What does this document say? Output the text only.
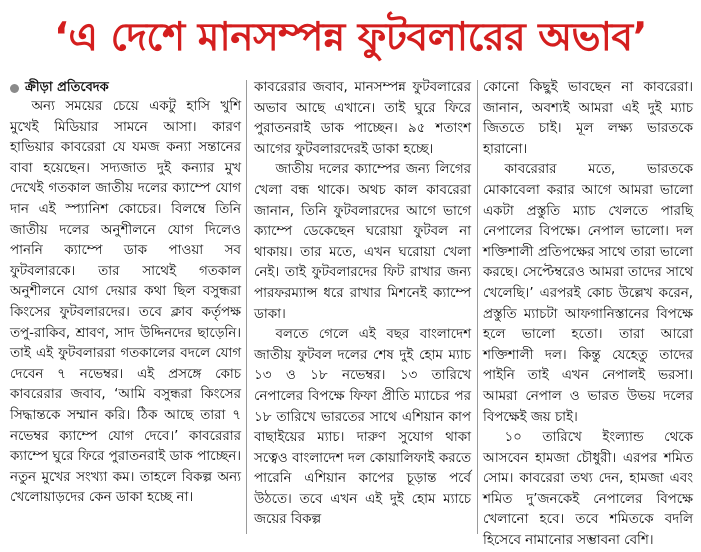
‘এ দেশে মানসম্পন্ন ফুটবলারের অভাব’
ক্রীড়া প্রতিবেদক

অন্য সময়ের চেয়ে একটু হাসি খুশি মুখেই মিডিয়ার সামনে আসা। কারণ হাভিয়ার কাবরেরা যে যমজ কন্যা সন্তানের বাবা হয়েছেন। সদ্যজাত দুই কন্যার মুখ দেখেই গতকাল জাতীয় দলের ক্যাম্পে যোগ দান এই স্প্যানিশ কোচের। বিলম্বে তিনি জাতীয় দলের অনুশীলনে যোগ দিলেও পাননি ক্যাম্পে ডাক পাওয়া সব ফুটবলারকে। তার সাথেই গতকাল অনুশীলনে যোগ দেয়ার কথা ছিল বসুন্ধরা কিংসের ফুটবলারদের। তবে ক্লাব কর্তৃপক্ষ তপু-রাকিব, শ্রাবণ, সাদ উদ্দিনদের ছাড়েনি। তাই এই ফুটবলাররা গতকালের বদলে যোগ দেবেন ৭ নভেম্বর। এই প্রসঙ্গে কোচ কাবরেরার জবাব, ‘আমি বসুন্ধরা কিংসের সিদ্ধান্তকে সম্মান করি। ঠিক আছে তারা ৭ নভেম্বর ক্যাম্পে যোগ দেবে।’ কাবরেরার ক্যাম্পে ঘুরে ফিরে পুরাতনরাই ডাক পাচ্ছেন। নতুন মুখের সংখ্যা কম। তাহলে বিকল্প অন্য খেলোয়াড়দের কেন ডাকা হচ্ছে না।

কাবরেরার জবাব, মানসম্পন্ন ফুটবলারের অভাব আছে এখানে। তাই ঘুরে ফিরে পুরাতনরাই ডাক পাচ্ছেন। ৯৫ শতাংশ আগের ফুটবলারদেরই ডাকা হচ্ছে।

জাতীয় দলের ক্যাম্পের জন্য লিগের খেলা বন্ধ থাকে। অথচ কাল কাবরেরা জানান, তিনি ফুটবলারদের আগে ভাগে ক্যাম্পে ডেকেছেন ঘরোয়া ফুটবল না থাকায়। তার মতে, এখন ঘরোয়া খেলা নেই। তাই ফুটবলারদের ফিট রাখার জন্য পারফরম্যান্স ধরে রাখার মিশনেই ক্যাম্পে ডাকা।

বলতে গেলে এই বছর বাংলাদেশ জাতীয় ফুটবল দলের শেষ দুই হোম ম্যাচ ১৩ ও ১৮ নভেম্বর। ১৩ তারিখে নেপালের বিপক্ষে ফিফা প্রীতি ম্যাচের পর ১৮ তারিখে ভারতের সাথে এশিয়ান কাপ বাছাইয়ের ম্যাচ। দারুণ সুযোগ থাকা সত্বেও বাংলাদেশ দল কোয়ালিফাই করতে পারেনি এশিয়ান কাপের চূড়ান্ত পর্বে উঠতে। তবে এখন এই দুই হোম ম্যাচে জয়ের বিকল্প

কোনো কিছুই ভাবছেন না কাবরেরা। জানান, অবশ্যই আমরা এই দুই ম্যাচ জিততে চাই। মূল লক্ষ্য ভারতকে হারানো।

কাবরেরার মতে, ভারতকে মোকাবেলা করার আগে আমরা ভালো একটা প্রস্তুতি ম্যাচ খেলতে পারছি নেপালের বিপক্ষে। নেপাল ভালো। দল শক্তিশালী প্রতিপক্ষের সাথে তারা ভালো করছে। সেপ্টেম্বরেও আমরা তাদের সাথে খেলেছি।’ এরপরই কোচ উল্লেখ করেন, প্রস্তুতি ম্যাচটা আফগানিস্তানের বিপক্ষে হলে ভালো হতো। তারা আরো শক্তিশালী দল। কিন্তু যেহেতু তাদের পাইনি তাই এখন নেপালই ভরসা। আমরা নেপাল ও ভারত উভয় দলের বিপক্ষেই জয় চাই।

১০ তারিখে ইংল্যান্ড থেকে আসবেন হামজা চৌধুরী। এরপর শমিত সোম। কাবরেরা তথ্য দেন, হামজা এবং শমিত দু’জনকেই নেপালের বিপক্ষে খেলানো হবে। তবে শমিতকে বদলি হিসেবে নামানোর সম্ভাবনা বেশি।
